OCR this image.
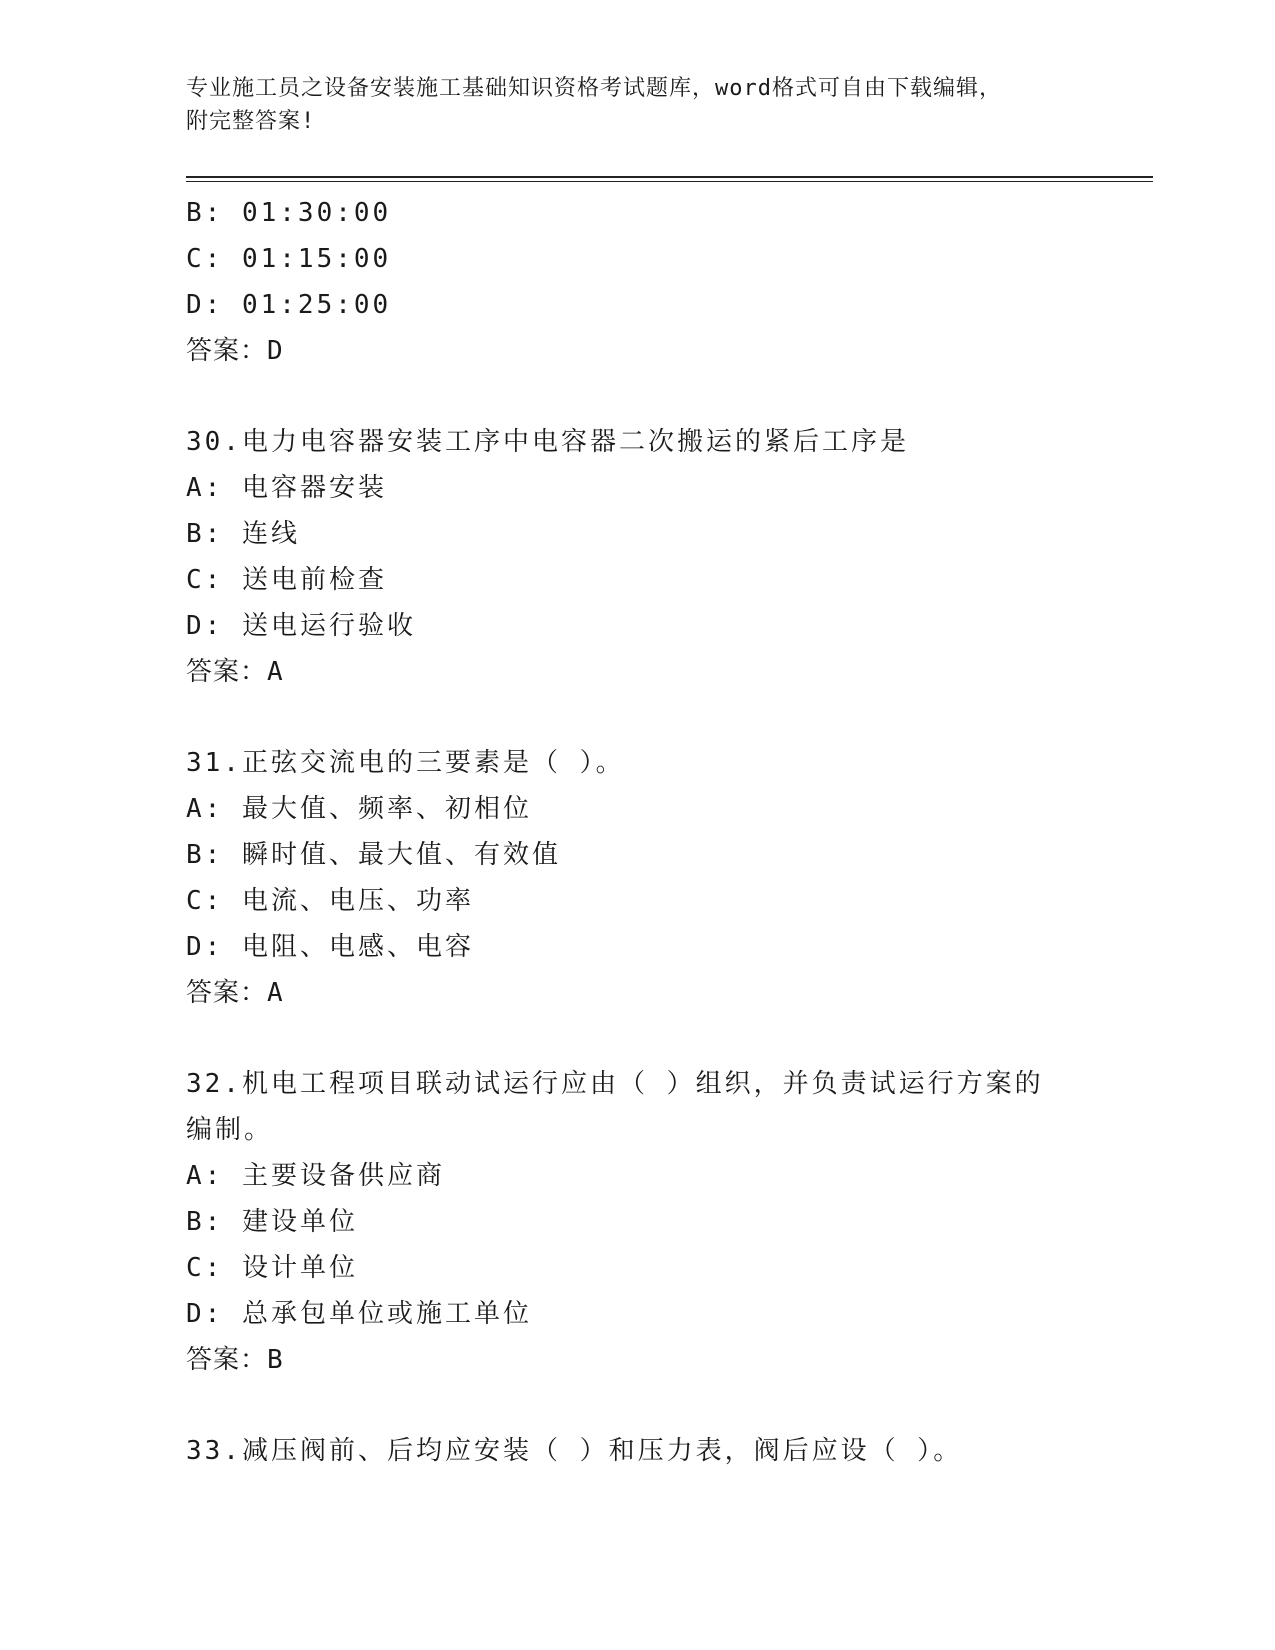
专业施工员之设备安装施工基础知识资格考试题库，word格式可自由下载编辑，
附完整答案!
B: 01:30:00
C: 01:15:00
D: 01:25:00
答案：D
30.电力电容器安装工序中电容器二次搬运的紧后工序是
A: 电容器安装
B: 连线
C: 送电前检查
D: 送电运行验收
答案：A
31.正弦交流电的三要素是（ ）。
A: 最大值、频率、初相位
B: 瞬时值、最大值、有效值
C: 电流、电压、功率
D: 电阻、电感、电容
答案：A
32.机电工程项目联动试运行应由（ ）组织，并负责试运行方案的编制。
A: 主要设备供应商
B: 建设单位
C: 设计单位
D: 总承包单位或施工单位
答案：B
33.减压阀前、后均应安装（ ）和压力表，阀后应设（ ）。
